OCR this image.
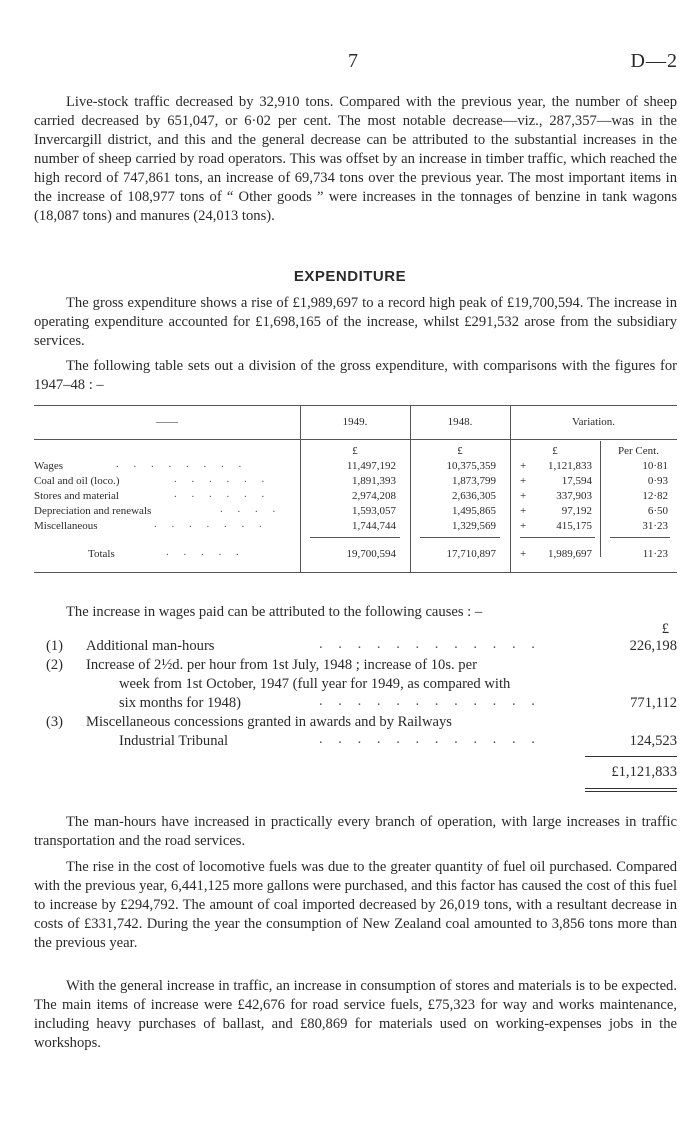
7	D—2

Live-stock traffic decreased by 32,910 tons. Compared with the previous year, the number of sheep carried decreased by 651,047, or 6·02 per cent. The most notable decrease—viz., 287,357—was in the Invercargill district, and this and the general decrease can be attributed to the substantial increases in the number of sheep carried by road operators. This was offset by an increase in timber traffic, which reached the high record of 747,861 tons, an increase of 69,734 tons over the previous year. The most important items in the increase of 108,977 tons of “ Other goods ” were increases in the tonnages of benzine in tank wagons (18,087 tons) and manures (24,013 tons).

EXPENDITURE

The gross expenditure shows a rise of £1,989,697 to a record high peak of £19,700,594. The increase in operating expenditure accounted for £1,698,165 of the increase, whilst £291,532 arose from the subsidiary services.

The following table sets out a division of the gross expenditure, with comparisons with the figures for 1947–48 : –

——	1949.	1948.	Variation.
£	£	£	Per Cent.
Wages	. . . . . . . .	11,497,192	10,375,359 +	1,121,833	10·81
Coal and oil (loco.)	. . . . . .	1,891,393	1,873,799 +	17,594	0·93
Stores and material	. . . . . .	2,974,208	2,636,305 +	337,903	12·82
Depreciation and renewals	. . . .	1,593,057	1,495,865 +	97,192	6·50
Miscellaneous	. . . . . . .	1,744,744	1,329,569 +	415,175	31·23
Totals	. . . . .	19,700,594	17,710,897 +	1,989,697	11·23

The increase in wages paid can be attributed to the following causes : –

£
(1) Additional man-hours	. . . . . . . . . . . .	226,198
(2) Increase of 2½d. per hour from 1st July, 1948 ; increase of 10s. per
week from 1st October, 1947 (full year for 1949, as compared with
six months for 1948)	. . . . . . . . . . . .	771,112
(3) Miscellaneous concessions granted in awards and by Railways
Industrial Tribunal	. . . . . . . . . . . .	124,523
£1,121,833

The man-hours have increased in practically every branch of operation, with large increases in traffic transportation and the road services.

The rise in the cost of locomotive fuels was due to the greater quantity of fuel oil purchased. Compared with the previous year, 6,441,125 more gallons were purchased, and this factor has caused the cost of this fuel to increase by £294,792. The amount of coal imported decreased by 26,019 tons, with a resultant decrease in costs of £331,742. During the year the consumption of New Zealand coal amounted to 3,856 tons more than the previous year.

With the general increase in traffic, an increase in consumption of stores and materials is to be expected. The main items of increase were £42,676 for road service fuels, £75,323 for way and works maintenance, including heavy purchases of ballast, and £80,869 for materials used on working-expenses jobs in the workshops.
